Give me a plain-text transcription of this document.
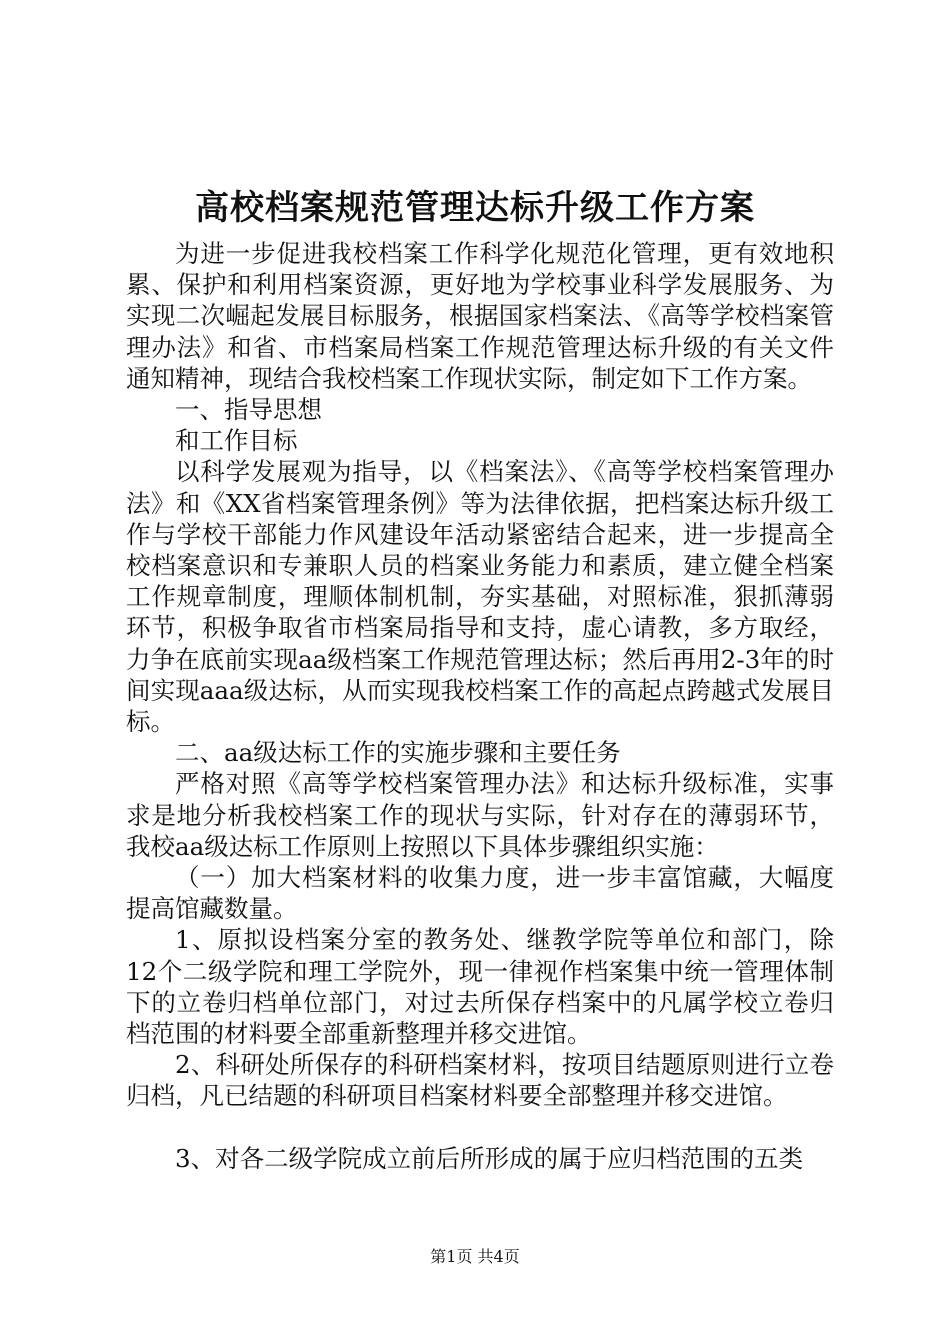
高校档案规范管理达标升级工作方案

为进一步促进我校档案工作科学化规范化管理，更有效地积累、保护和利用档案资源，更好地为学校事业科学发展服务、为实现二次崛起发展目标服务，根据国家档案法、《高等学校档案管理办法》和省、市档案局档案工作规范管理达标升级的有关文件通知精神，现结合我校档案工作现状实际，制定如下工作方案。

一、指导思想

和工作目标

以科学发展观为指导，以《档案法》、《高等学校档案管理办法》和《XX省档案管理条例》等为法律依据，把档案达标升级工作与学校干部能力作风建设年活动紧密结合起来，进一步提高全校档案意识和专兼职人员的档案业务能力和素质，建立健全档案工作规章制度，理顺体制机制，夯实基础，对照标准，狠抓薄弱环节，积极争取省市档案局指导和支持，虚心请教，多方取经，力争在底前实现aa级档案工作规范管理达标；然后再用2-3年的时间实现aaa级达标，从而实现我校档案工作的高起点跨越式发展目标。

二、aa级达标工作的实施步骤和主要任务

严格对照《高等学校档案管理办法》和达标升级标准，实事求是地分析我校档案工作的现状与实际，针对存在的薄弱环节，我校aa级达标工作原则上按照以下具体步骤组织实施：

（一）加大档案材料的收集力度，进一步丰富馆藏，大幅度提高馆藏数量。

1、原拟设档案分室的教务处、继教学院等单位和部门，除12个二级学院和理工学院外，现一律视作档案集中统一管理体制下的立卷归档单位部门，对过去所保存档案中的凡属学校立卷归档范围的材料要全部重新整理并移交进馆。

2、科研处所保存的科研档案材料，按项目结题原则进行立卷归档，凡已结题的科研项目档案材料要全部整理并移交进馆。

3、对各二级学院成立前后所形成的属于应归档范围的五类

第1页 共4页
